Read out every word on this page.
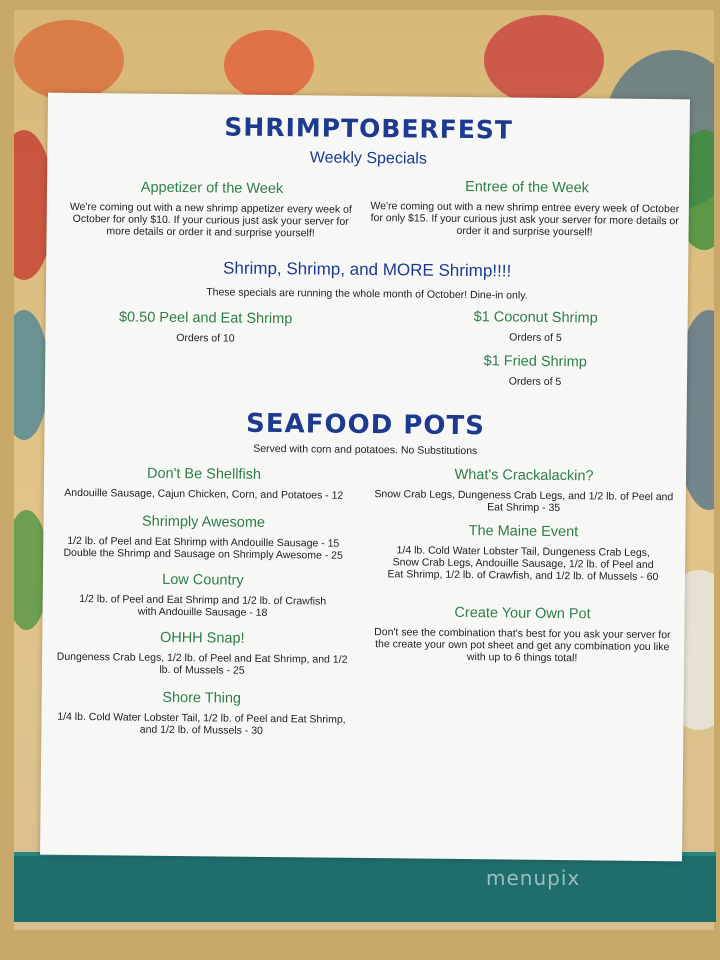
SHRIMPTOBERFEST
Weekly Specials
Appetizer of the Week
We're coming out with a new shrimp appetizer every week of October for only $10. If your curious just ask your server for more details or order it and surprise yourself!
Entree of the Week
We're coming out with a new shrimp entree every week of October for only $15. If your curious just ask your server for more details or order it and surprise yourself!
Shrimp, Shrimp, and MORE Shrimp!!!!
These specials are running the whole month of October! Dine-in only.
$0.50 Peel and Eat Shrimp
Orders of 10
$1 Coconut Shrimp
Orders of 5
$1 Fried Shrimp
Orders of 5
SEAFOOD POTS
Served with corn and potatoes. No Substitutions
Don't Be Shellfish
Andouille Sausage, Cajun Chicken, Corn, and Potatoes - 12
Shrimply Awesome
1/2 lb. of Peel and Eat Shrimp with Andouille Sausage - 15
Double the Shrimp and Sausage on Shrimply Awesome - 25
Low Country
1/2 lb. of Peel and Eat Shrimp and 1/2 lb. of Crawfish with Andouille Sausage - 18
OHHH Snap!
Dungeness Crab Legs, 1/2 lb. of Peel and Eat Shrimp, and 1/2 lb. of Mussels - 25
Shore Thing
1/4 lb. Cold Water Lobster Tail, 1/2 lb. of Peel and Eat Shrimp, and 1/2 lb. of Mussels - 30
What's Crackalackin?
Snow Crab Legs, Dungeness Crab Legs, and 1/2 lb. of Peel and Eat Shrimp - 35
The Maine Event
1/4 lb. Cold Water Lobster Tail, Dungeness Crab Legs, Snow Crab Legs, Andouille Sausage, 1/2 lb. of Peel and Eat Shrimp, 1/2 lb. of Crawfish, and 1/2 lb. of Mussels - 60
Create Your Own Pot
Don't see the combination that's best for you ask your server for the create your own pot sheet and get any combination you like with up to 6 things total!
menupix
